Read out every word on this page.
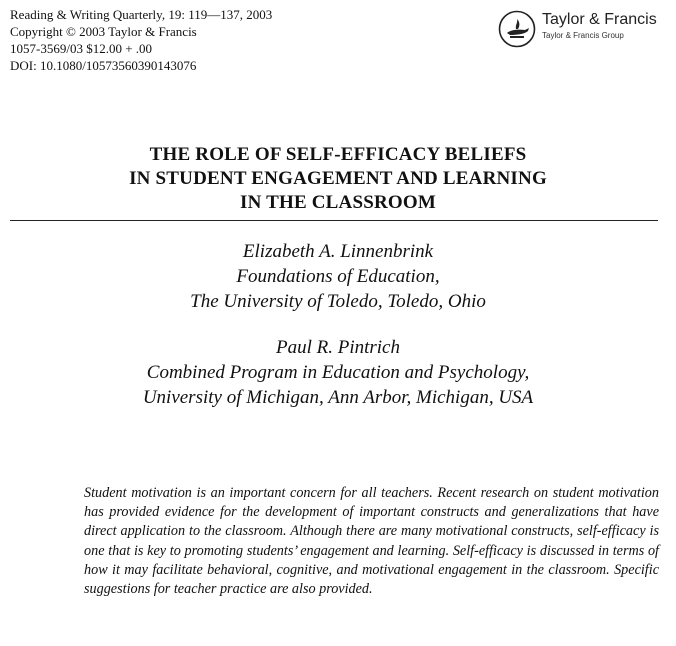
Reading & Writing Quarterly, 19: 119—137, 2003
Copyright © 2003 Taylor & Francis
1057-3569/03 $12.00 + .00
DOI: 10.1080/10573560390143076
Taylor & Francis
Taylor & Francis Group
THE ROLE OF SELF-EFFICACY BELIEFS
IN STUDENT ENGAGEMENT AND LEARNING
IN THE CLASSROOM
Elizabeth A. Linnenbrink
Foundations of Education,
The University of Toledo, Toledo, Ohio
Paul R. Pintrich
Combined Program in Education and Psychology,
University of Michigan, Ann Arbor, Michigan, USA
Student motivation is an important concern for all teachers. Recent research on student motivation has provided evidence for the development of important constructs and generalizations that have direct application to the classroom. Although there are many motivational constructs, self-efficacy is one that is key to promoting students’ engagement and learning. Self-efficacy is discussed in terms of how it may facilitate behavioral, cognitive, and motivational engagement in the classroom. Specific suggestions for teacher practice are also provided.
